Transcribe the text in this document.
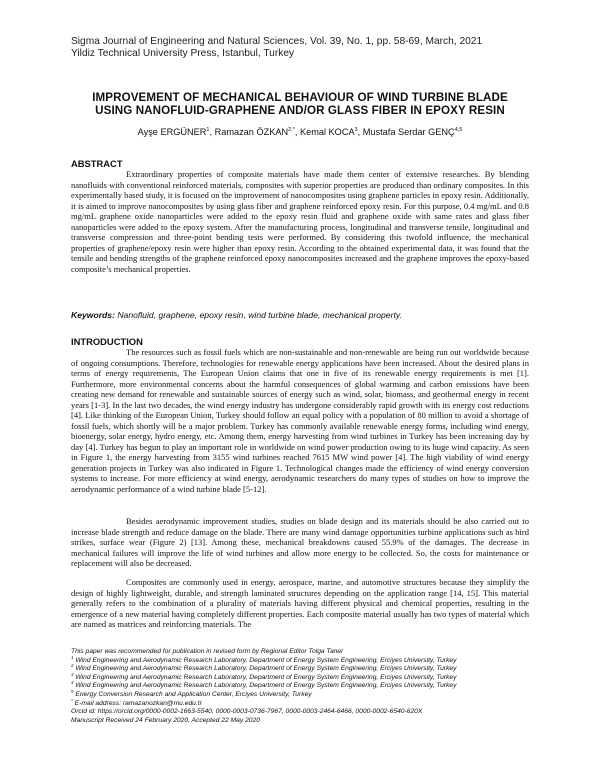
Sigma Journal of Engineering and Natural Sciences, Vol. 39, No. 1, pp. 58-69, March, 2021
Yildiz Technical University Press, Istanbul, Turkey
IMPROVEMENT OF MECHANICAL BEHAVIOUR OF WIND TURBINE BLADE
USING NANOFLUID-GRAPHENE AND/OR GLASS FIBER IN EPOXY RESIN
Ayşe ERGÜNER$^1$, Ramazan $ÖZKAN^{2,*}$, Kemal KOCA$^3$, Mustafa Serdar GENÇ$^{4,5}$
ABSTRACT

Extraordinary properties of composite materials have made them center of extensive researches. By blending nanofluids with conventional reinforced materials, composites with superior properties are produced than ordinary composites. In this experimentally based study, it is focused on the improvement of nanocomposites using graphene particles in epoxy resin. Additionally, it is aimed to improve nanocomposites by using glass fiber and graphene reinforced epoxy resin. For this purpose, 0.4 mg/mL and 0.8 mg/mL graphene oxide nanoparticles were added to the epoxy resin fluid and graphene oxide with same rates and glass fiber nanoparticles were added to the epoxy system. After the manufacturing process, longitudinal and transverse tensile, longitudinal and transverse compression and three-point bending tests were performed. By considering this twofold influence, the mechanical properties of graphene/epoxy resin were higher than epoxy resin. According to the obtained experimental data, it was found that the tensile and bending strengths of the graphene reinforced epoxy nanocomposites increased and the graphene improves the epoxy-based composite’s mechanical properties.

Keywords: Nanofluid, graphene, epoxy resin, wind turbine blade, mechanical property.
INTRODUCTION

The resources such as fossil fuels which are non-sustainable and non-renewable are being run out worldwide because of ongoing consumptions. Therefore, technologies for renewable energy applications have been increased. About the desired plans in terms of energy requirements, The European Union claims that one in five of its renewable energy requirements is met [1]. Furthermore, more environmental concerns about the harmful consequences of global warming and carbon emissions have been creating new demand for renewable and sustainable sources of energy such as wind, solar, biomass, and geothermal energy in recent years [1-3]. In the last two decades, the wind energy industry has undergone considerably rapid growth with its energy cost reductions [4]. Like thinking of the European Union, Turkey should follow an equal policy with a population of 80 million to avoid a shortage of fossil fuels, which shortly will be a major problem. Turkey has commonly available renewable energy forms, including wind energy, bioenergy, solar energy, hydro energy, etc. Among them, energy harvesting from wind turbines in Turkey has been increasing day by day [4]. Turkey has begun to play an important role in worldwide on wind power production owing to its huge wind capacity. As seen in Figure 1, the energy harvesting from 3155 wind turbines reached 7615 MW wind power [4]. The high viability of wind energy generation projects in Turkey was also indicated in Figure 1. Technological changes made the efficiency of wind energy conversion systems to increase. For more efficiency at wind energy, aerodynamic researchers do many types of studies on how to improve the aerodynamic performance of a wind turbine blade [5-12].

Besides aerodynamic improvement studies, studies on blade design and its materials should be also carried out to increase blade strength and reduce damage on the blade. There are many wind damage opportunities turbine applications such as bird strikes, surface wear (Figure 2) [13]. Among these, mechanical breakdowns caused 55.9% of the damages. The decrease in mechanical failures will improve the life of wind turbines and allow more energy to be collected. So, the costs for maintenance or replacement will also be decreased.

Composites are commonly used in energy, aerospace, marine, and automotive structures because they simplify the design of highly lightweight, durable, and strength laminated structures depending on the application range [14, 15]. This material generally refers to the combination of a plurality of materials having different physical and chemical properties, resulting in the emergence of a new material having completely different properties. Each composite material usually has two types of material which are named as matrices and reinforcing materials. The

This paper was recommended for publication in revised form by Regional Editor Tolga Taner
$^1$ Wind Engineering and Aerodynamic Research Laboratory, Department of Energy System Engineering, Erciyes University, Turkey
$^2$ Wind Engineering and Aerodynamic Research Laboratory, Department of Energy System Engineering, Erciyes University, Turkey
$^3$ Wind Engineering and Aerodynamic Research Laboratory, Department of Energy System Engineering, Erciyes University, Turkey
$^4$ Wind Engineering and Aerodynamic Research Laboratory, Department of Energy System Engineering, Erciyes University, Turkey
$^5$ Energy Conversion Research and Application Center, Erciyes University, Turkey
* E-mail address: ramazanozkan@mu.edu.tr
Orcid id: https://orcid.org/0000-0002-1663-5540, 0000-0003-0736-7967, 0000-0003-2464-6466, 0000-0002-6540-620X
Manuscript Received 24 February 2020, Accepted 22 May 2020
